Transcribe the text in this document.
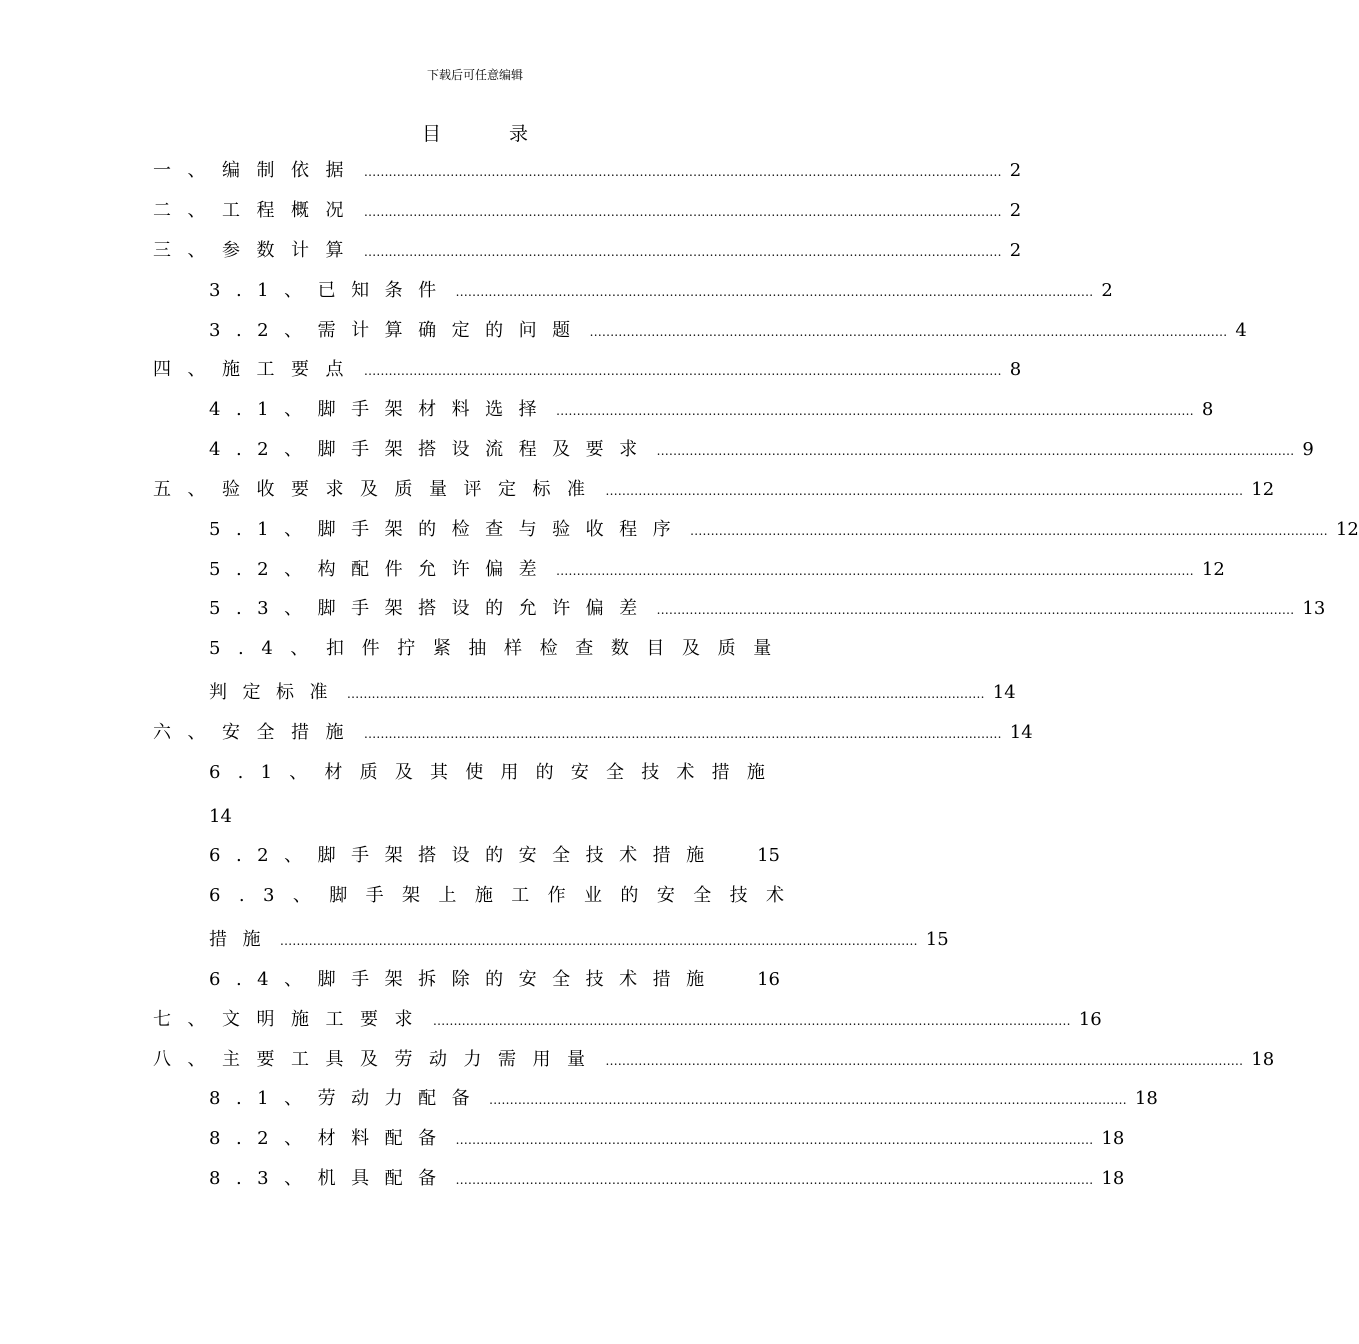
下载后可任意编辑
目	录
一、编制依据 ........................................................................................................................................................... 2
二、工程概况 ........................................................................................................................................................... 2
三、参数计算 ........................................................................................................................................................... 2
3.1、已知条件 ........................................................................................................................................................... 2
3.2、需计算确定的问题 ........................................................................................................................................................... 4
四、施工要点 ........................................................................................................................................................... 8
4.1、脚手架材料选择 ........................................................................................................................................................... 8
4.2、脚手架搭设流程及要求 ........................................................................................................................................................... 9
五、验收要求及质量评定标准 ........................................................................................................................................................... 12
5.1、脚手架的检查与验收程序 ........................................................................................................................................................... 12
5.2、构配件允许偏差 ........................................................................................................................................................... 12
5.3、脚手架搭设的允许偏差 ........................................................................................................................................................... 13
5.4、扣件拧紧抽样检查数目及质量
判定标准 ........................................................................................................................................................... 14
六、安全措施 ........................................................................................................................................................... 14
6.1、材质及其使用的安全技术措施
14
6.2、脚手架搭设的安全技术措施 15
6.3、脚手架上施工作业的安全技术
措施 ........................................................................................................................................................... 15
6.4、脚手架拆除的安全技术措施 16
七、文明施工要求 ........................................................................................................................................................... 16
八、主要工具及劳动力需用量 ........................................................................................................................................................... 18
8.1、劳动力配备 ........................................................................................................................................................... 18
8.2、材料配备 ........................................................................................................................................................... 18
8.3、机具配备 ........................................................................................................................................................... 18
